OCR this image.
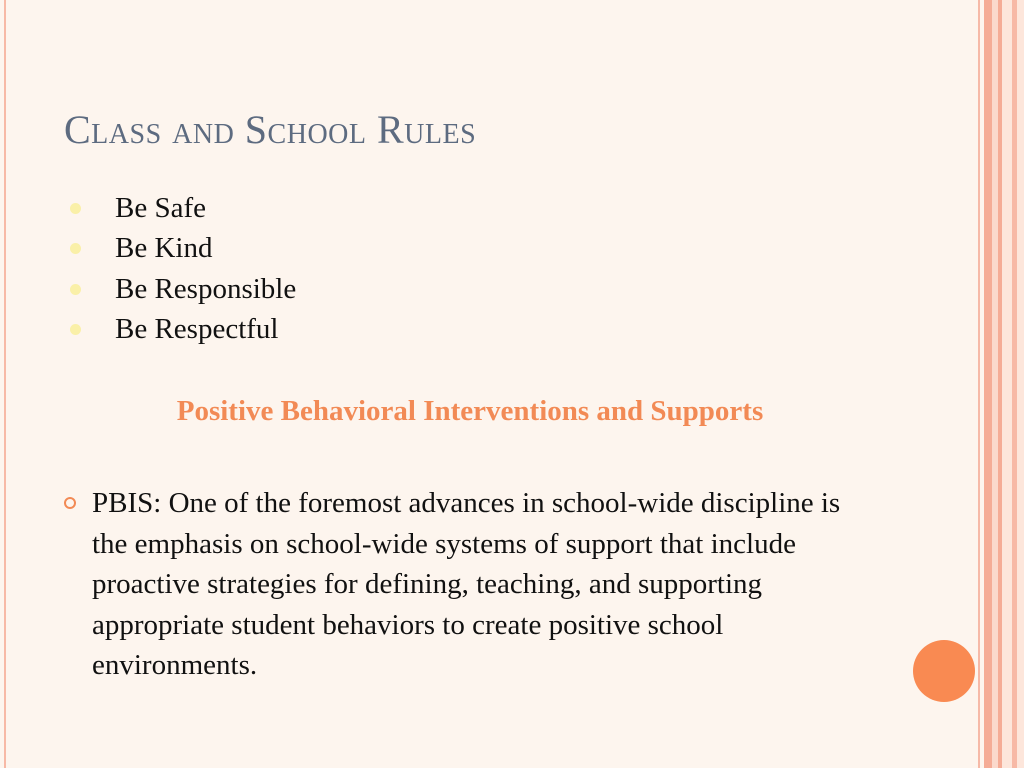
Class and School Rules
Be Safe
Be Kind
Be Responsible
Be Respectful
Positive Behavioral Interventions and Supports

PBIS: One of the foremost advances in school-wide discipline is the emphasis on school-wide systems of support that include proactive strategies for defining, teaching, and supporting appropriate student behaviors to create positive school environments.
